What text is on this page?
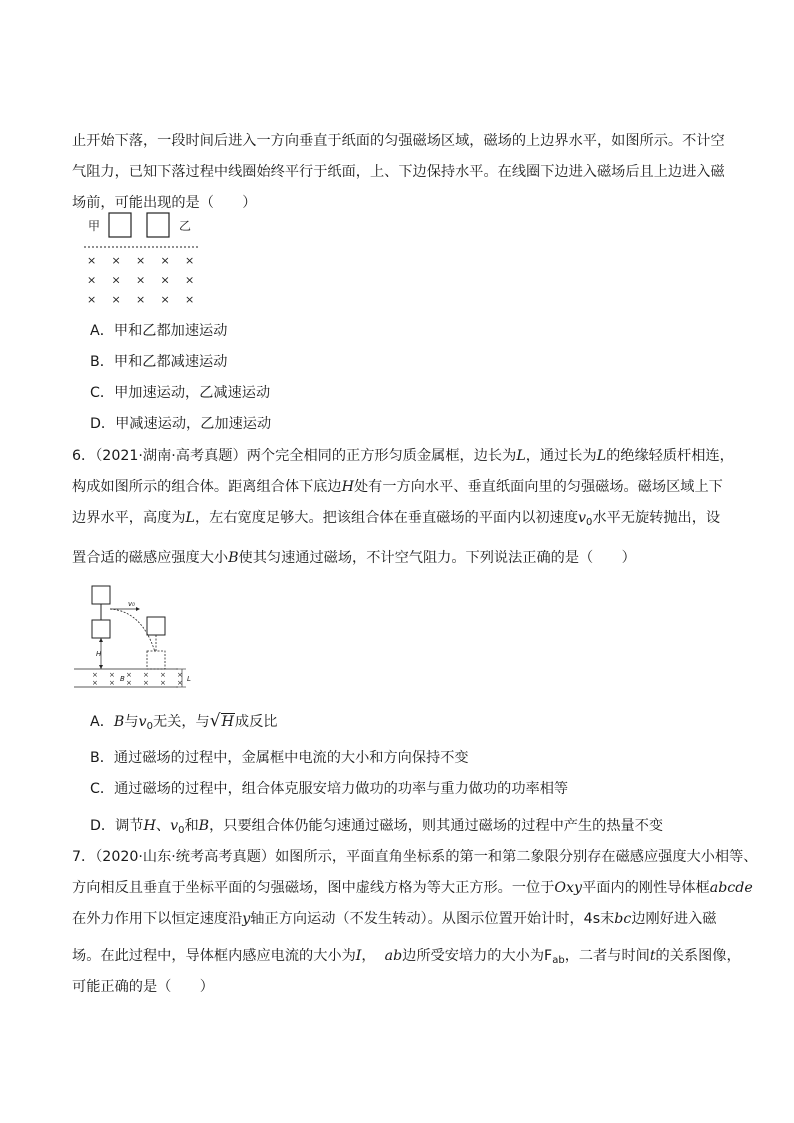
止开始下落，一段时间后进入一方向垂直于纸面的匀强磁场区域，磁场的上边界水平，如图所示。不计空
气阻力，已知下落过程中线圈始终平行于纸面，上、下边保持水平。在线圈下边进入磁场后且上边进入磁
场前，可能出现的是（　　）
甲	乙
× × × × ×
× × × × ×
× × × × ×
A．甲和乙都加速运动
B．甲和乙都减速运动
C．甲加速运动，乙减速运动
D．甲减速运动，乙加速运动
6．（2021·湖南·高考真题）两个完全相同的正方形匀质金属框，边长为L，通过长为L的绝缘轻质杆相连，
构成如图所示的组合体。距离组合体下底边H处有一方向水平、垂直纸面向里的匀强磁场。磁场区域上下
边界水平，高度为L，左右宽度足够大。把该组合体在垂直磁场的平面内以初速度$v_0$水平无旋转抛出，设
置合适的磁感应强度大小B使其匀速通过磁场，不计空气阻力。下列说法正确的是（　　）
v₀
H
× × × × × ×
× × × × × ×
B	L
A．B与$v_0$无关，与√H成反比
B．通过磁场的过程中，金属框中电流的大小和方向保持不变
C．通过磁场的过程中，组合体克服安培力做功的功率与重力做功的功率相等
D．调节H、$v_0$和B，只要组合体仍能匀速通过磁场，则其通过磁场的过程中产生的热量不变
7．（2020·山东·统考高考真题）如图所示，平面直角坐标系的第一和第二象限分别存在磁感应强度大小相等、
方向相反且垂直于坐标平面的匀强磁场，图中虚线方格为等大正方形。一位于Oxy平面内的刚性导体框abcde
在外力作用下以恒定速度沿y轴正方向运动（不发生转动）。从图示位置开始计时，4s末bc边刚好进入磁
场。在此过程中，导体框内感应电流的大小为I， ab边所受安培力的大小为$F_{ab}$，二者与时间t的关系图像，
可能正确的是（　　）
